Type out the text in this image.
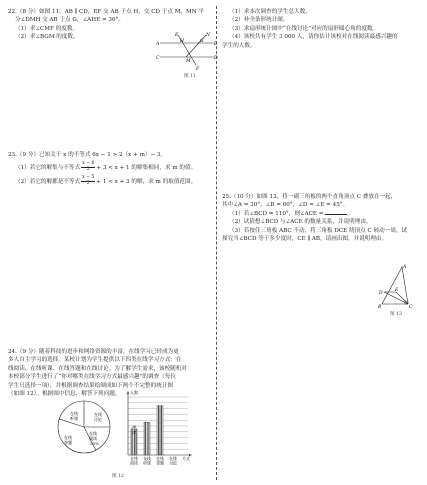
22.（8 分）如图 11，AB ∥ CD，EF 交 AB 于点 H，交 CD 于点 M，MN 平
分∠DMH 交 AB 于点 G，∠AHE = 36°。
（1）求∠CMF 的度数。
（2）求∠BGM 的度数。	E	N
A
H	G
B
C
M
D
F
图 11
23.（9 分）已知关于 x 的不等式 6x − 1 > 2（x + m）− 3。
（1）若它的解集与不等式 $\frac{x - 6}{2} + 3 < x + 1$ 的解集相同，求 m 的值。
（2）若它的解都是不等式 $\frac{x - 5}{2} + 1 < x + 3$ 的解，求 m 的取值范围。
24.（9 分）随着科技的进步和网络资源的丰富，在线学习已经成为更
多人自主学习的选择。某校计划为学生提供以下四类在线学习方式：在
线阅读、在线听课、在线答题和在线讨论。为了解学生需求，该校随机对
本校部分学生进行了“你对哪类在线学习方式最感兴趣”的调查（每位
学生只选择一项），并根据调查结果绘制成如下两个不完整的统计图
（如图 12）。根据图中信息，解答下列问题。
在线
听课
在线
讨论
在线
答题
在线
阅读
20%
人数
36
28
在线
阅读
在线
听课
在线
答题
在线
讨论
方式
图 12
（1）求本次调查的学生总人数。
（2）补全条形统计图。
（3）求扇形统计图中“在线讨论”对应的扇形圆心角的度数。
（4）该校共有学生 3 000 人，请你估计该校对在线阅读最感兴趣的
学生的人数。
25.（10 分）如图 13，将一副三角板的两个直角顶点 C 叠放在一起，
其中∠A = 30°，∠B = 60°，∠D = ∠E = 45°。
（1）若∠BCD = 110°，则∠ACE =	。
（2）试猜想∠BCD 与∠ACE 的数量关系，并说明理由。
（3）若按住三角板 ABC 不动，将三角板 DCE 绕顶点 C 转动一周，试
探究当∠BCD 等于多少度时，CE ∥ AB，请画出图，并说明理由。
A
E
D
B	C
图 13
